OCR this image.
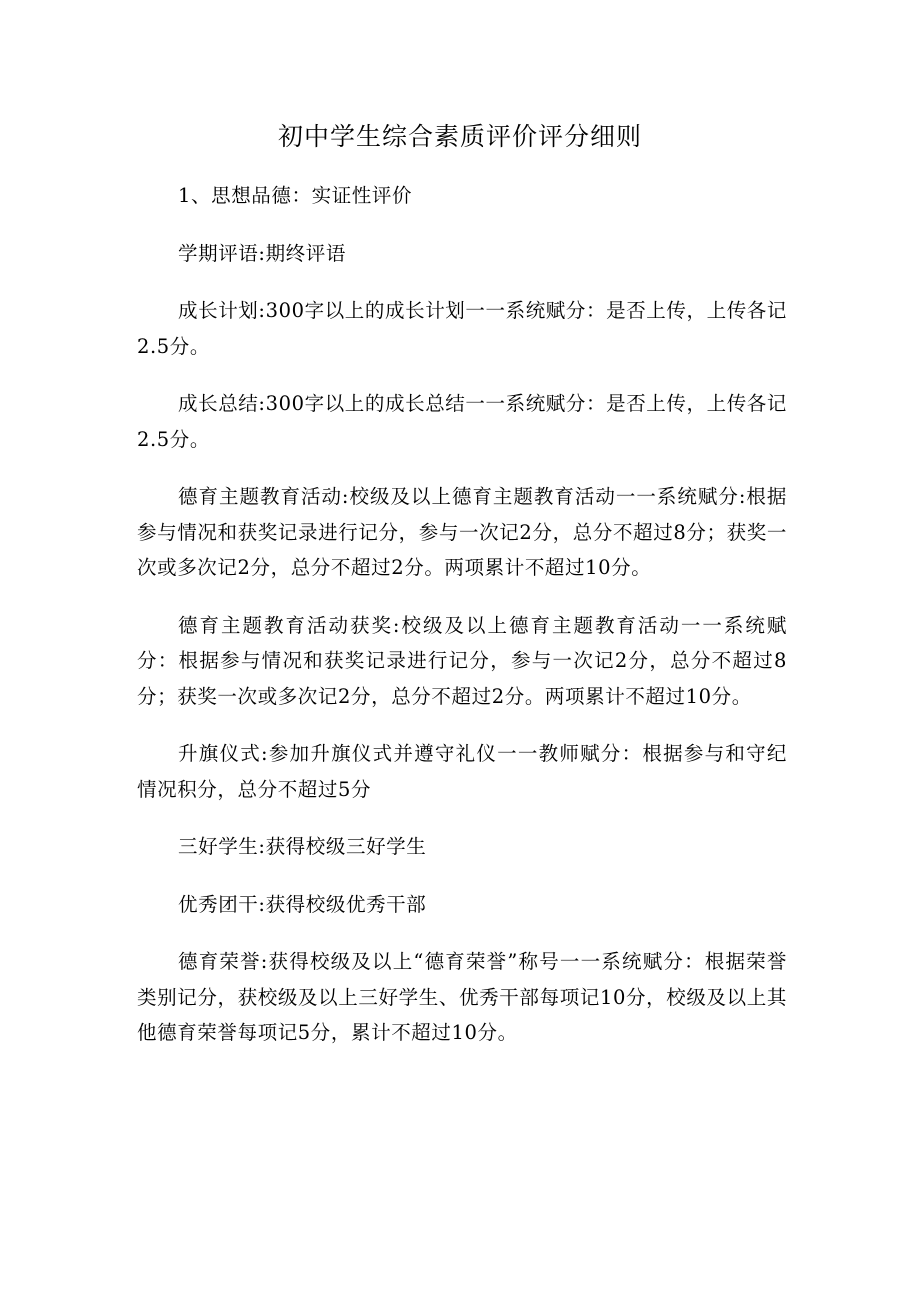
初中学生综合素质评价评分细则

1、思想品德：实证性评价

学期评语:期终评语

成长计划:300字以上的成长计划一一系统赋分：是否上传，上传各记2.5分。

成长总结:300字以上的成长总结一一系统赋分：是否上传，上传各记2.5分。

德育主题教育活动:校级及以上德育主题教育活动一一系统赋分:根据参与情况和获奖记录进行记分，参与一次记2分，总分不超过8分；获奖一次或多次记2分，总分不超过2分。两项累计不超过10分。

德育主题教育活动获奖:校级及以上德育主题教育活动一一系统赋分：根据参与情况和获奖记录进行记分，参与一次记2分，总分不超过8分；获奖一次或多次记2分，总分不超过2分。两项累计不超过10分。

升旗仪式:参加升旗仪式并遵守礼仪一一教师赋分：根据参与和守纪情况积分，总分不超过5分

三好学生:获得校级三好学生

优秀团干:获得校级优秀干部

德育荣誉:获得校级及以上“德育荣誉”称号一一系统赋分：根据荣誉类别记分，获校级及以上三好学生、优秀干部每项记10分，校级及以上其他德育荣誉每项记5分，累计不超过10分。
